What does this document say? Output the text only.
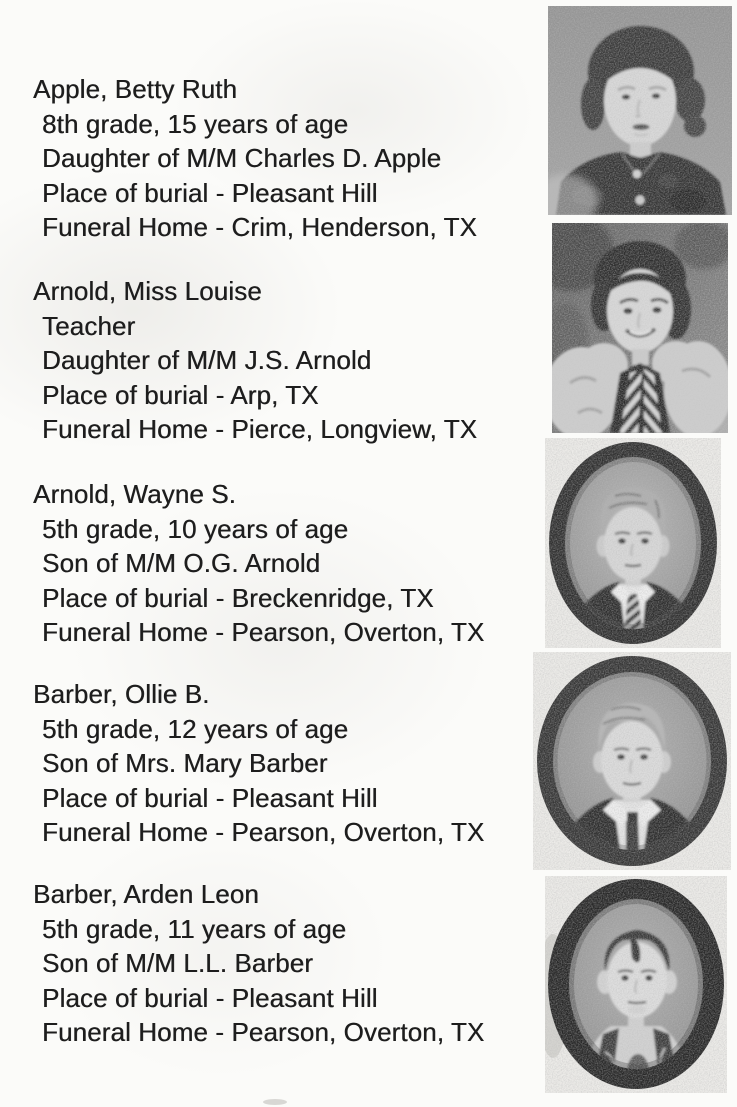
Apple, Betty Ruth
8th grade, 15 years of age
Daughter of M/M Charles D. Apple
Place of burial - Pleasant Hill
Funeral Home - Crim, Henderson, TX
Arnold, Miss Louise
Teacher
Daughter of M/M J.S. Arnold
Place of burial - Arp, TX
Funeral Home - Pierce, Longview, TX
Arnold, Wayne S.
5th grade, 10 years of age
Son of M/M O.G. Arnold
Place of burial - Breckenridge, TX
Funeral Home - Pearson, Overton, TX
Barber, Ollie B.
5th grade, 12 years of age
Son of Mrs. Mary Barber
Place of burial - Pleasant Hill
Funeral Home - Pearson, Overton, TX
Barber, Arden Leon
5th grade, 11 years of age
Son of M/M L.L. Barber
Place of burial - Pleasant Hill
Funeral Home - Pearson, Overton, TX
